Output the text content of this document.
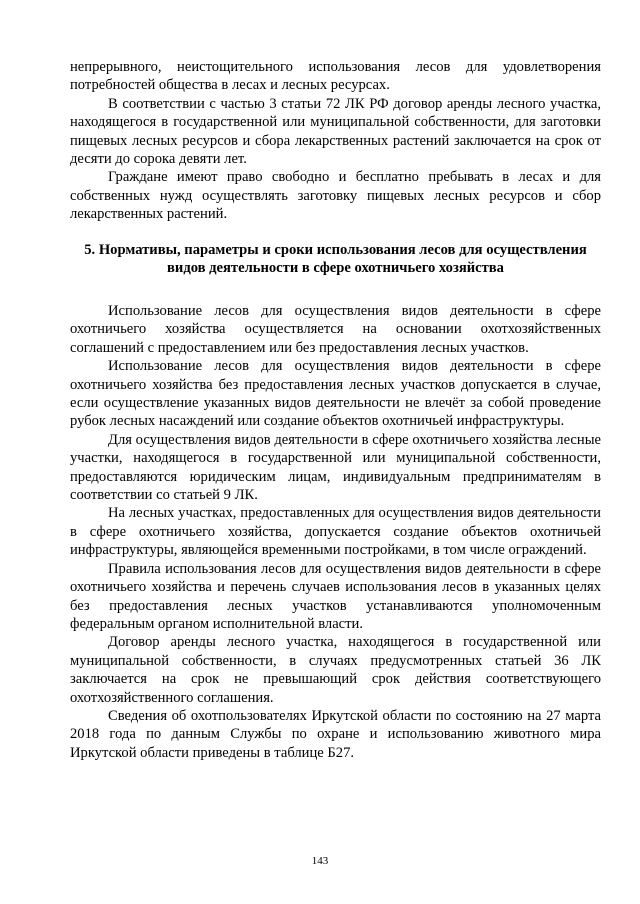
непрерывного, неистощительного использования лесов для удовлетворения потребностей общества в лесах и лесных ресурсах.

В соответствии с частью 3 статьи 72 ЛК РФ договор аренды лесного участка, находящегося в государственной или муниципальной собственности, для заготовки пищевых лесных ресурсов и сбора лекарственных растений заключается на срок от десяти до сорока девяти лет.

Граждане имеют право свободно и бесплатно пребывать в лесах и для собственных нужд осуществлять заготовку пищевых лесных ресурсов и сбор лекарственных растений.

5. Нормативы, параметры и сроки использования лесов для осуществления
видов деятельности в сфере охотничьего хозяйства

Использование лесов для осуществления видов деятельности в сфере охотничьего хозяйства осуществляется на основании охотхозяйственных соглашений с предоставлением или без предоставления лесных участков.

Использование лесов для осуществления видов деятельности в сфере охотничьего хозяйства без предоставления лесных участков допускается в случае, если осуществление указанных видов деятельности не влечёт за собой проведение рубок лесных насаждений или создание объектов охотничьей инфраструктуры.

Для осуществления видов деятельности в сфере охотничьего хозяйства лесные участки, находящегося в государственной или муниципальной собственности, предоставляются юридическим лицам, индивидуальным предпринимателям в соответствии со статьей 9 ЛК.

На лесных участках, предоставленных для осуществления видов деятельности в сфере охотничьего хозяйства, допускается создание объектов охотничьей инфраструктуры, являющейся временными постройками, в том числе ограждений.

Правила использования лесов для осуществления видов деятельности в сфере охотничьего хозяйства и перечень случаев использования лесов в указанных целях без предоставления лесных участков устанавливаются уполномоченным федеральным органом исполнительной власти.

Договор аренды лесного участка, находящегося в государственной или муниципальной собственности, в случаях предусмотренных статьей 36 ЛК заключается на срок не превышающий срок действия соответствующего охотхозяйственного соглашения.

Сведения об охотпользователях Иркутской области по состоянию на 27 марта 2018 года по данным Службы по охране и использованию животного мира Иркутской области приведены в таблице Б27.

143
